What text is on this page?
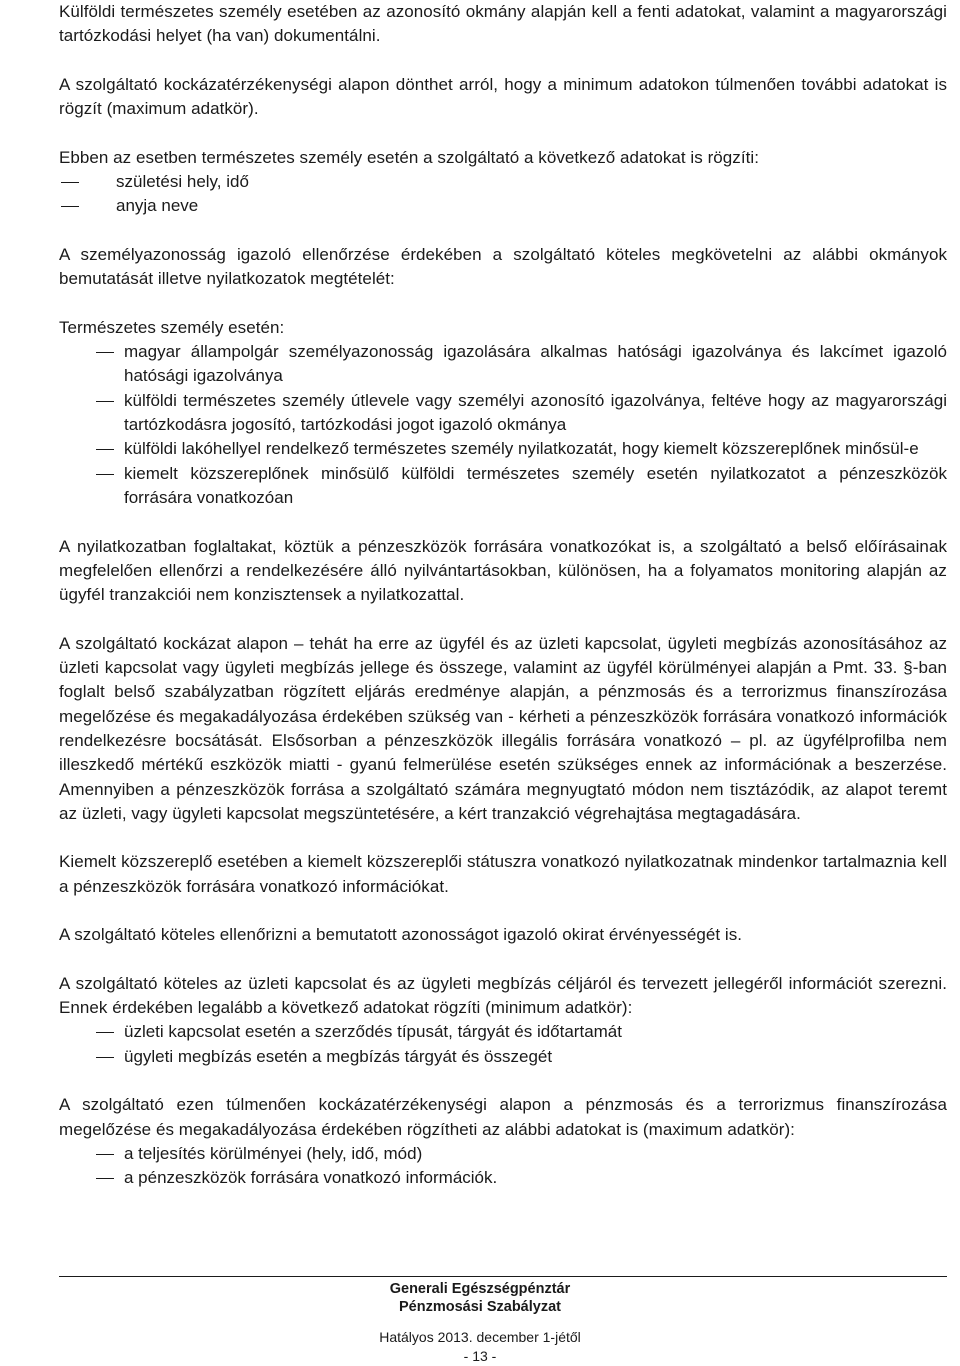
Külföldi természetes személy esetében az azonosító okmány alapján kell a fenti adatokat, valamint a magyarországi tartózkodási helyet (ha van) dokumentálni.

A szolgáltató kockázatérzékenységi alapon dönthet arról, hogy a minimum adatokon túlmenően további adatokat is rögzít (maximum adatkör).

Ebben az esetben természetes személy esetén a szolgáltató a következő adatokat is rögzíti:

születési hely, idő
anyja neve

A személyazonosság igazoló ellenőrzése érdekében a szolgáltató köteles megkövetelni az alábbi okmányok bemutatását illetve nyilatkozatok megtételét:

Természetes személy esetén:

magyar állampolgár személyazonosság igazolására alkalmas hatósági igazolványa és lakcímet igazoló hatósági igazolványa
külföldi természetes személy útlevele vagy személyi azonosító igazolványa, feltéve hogy az magyarországi tartózkodásra jogosító, tartózkodási jogot igazoló okmánya
külföldi lakóhellyel rendelkező természetes személy nyilatkozatát, hogy kiemelt közszereplőnek minősül-e
kiemelt közszereplőnek minősülő külföldi természetes személy esetén nyilatkozatot a pénzeszközök forrására vonatkozóan

A nyilatkozatban foglaltakat, köztük a pénzeszközök forrására vonatkozókat is, a szolgáltató a belső előírásainak megfelelően ellenőrzi a rendelkezésére álló nyilvántartásokban, különösen, ha a folyamatos monitoring alapján az ügyfél tranzakciói nem konzisztensek a nyilatkozattal.

A szolgáltató kockázat alapon – tehát ha erre az ügyfél és az üzleti kapcsolat, ügyleti megbízás azonosításához az üzleti kapcsolat vagy ügyleti megbízás jellege és összege, valamint az ügyfél körülményei alapján a Pmt. 33. §-ban foglalt belső szabályzatban rögzített eljárás eredménye alapján, a pénzmosás és a terrorizmus finanszírozása megelőzése és megakadályozása érdekében szükség van - kérheti a pénzeszközök forrására vonatkozó információk rendelkezésre bocsátását. Elsősorban a pénzeszközök illegális forrására vonatkozó – pl. az ügyfélprofilba nem illeszkedő mértékű eszközök miatti - gyanú felmerülése esetén szükséges ennek az információnak a beszerzése. Amennyiben a pénzeszközök forrása a szolgáltató számára megnyugtató módon nem tisztázódik, az alapot teremt az üzleti, vagy ügyleti kapcsolat megszüntetésére, a kért tranzakció végrehajtása megtagadására.

Kiemelt közszereplő esetében a kiemelt közszereplői státuszra vonatkozó nyilatkozatnak mindenkor tartalmaznia kell a pénzeszközök forrására vonatkozó információkat.

A szolgáltató köteles ellenőrizni a bemutatott azonosságot igazoló okirat érvényességét is.

A szolgáltató köteles az üzleti kapcsolat és az ügyleti megbízás céljáról és tervezett jellegéről információt szerezni. Ennek érdekében legalább a következő adatokat rögzíti (minimum adatkör):

üzleti kapcsolat esetén a szerződés típusát, tárgyát és időtartamát
ügyleti megbízás esetén a megbízás tárgyát és összegét

A szolgáltató ezen túlmenően kockázatérzékenységi alapon a pénzmosás és a terrorizmus finanszírozása megelőzése és megakadályozása érdekében rögzítheti az alábbi adatokat is (maximum adatkör):

a teljesítés körülményei (hely, idő, mód)
a pénzeszközök forrására vonatkozó információk.
Generali Egészségpénztár
Pénzmosási Szabályzat
Hatályos 2013. december 1-jétől
- 13 -
